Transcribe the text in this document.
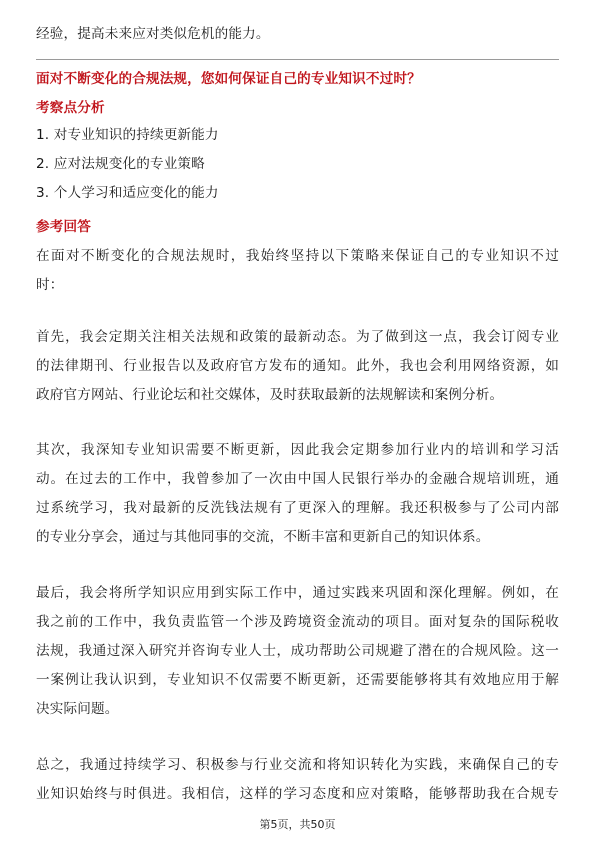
经验，提高未来应对类似危机的能力。
面对不断变化的合规法规，您如何保证自己的专业知识不过时？
考察点分析
1. 对专业知识的持续更新能力
2. 应对法规变化的专业策略
3. 个人学习和适应变化的能力
参考回答
在面对不断变化的合规法规时，我始终坚持以下策略来保证自己的专业知识不过
时：
首先，我会定期关注相关法规和政策的最新动态。为了做到这一点，我会订阅专业
的法律期刊、行业报告以及政府官方发布的通知。此外，我也会利用网络资源，如
政府官方网站、行业论坛和社交媒体，及时获取最新的法规解读和案例分析。
其次，我深知专业知识需要不断更新，因此我会定期参加行业内的培训和学习活
动。在过去的工作中，我曾参加了一次由中国人民银行举办的金融合规培训班，通
过系统学习，我对最新的反洗钱法规有了更深入的理解。我还积极参与了公司内部
的专业分享会，通过与其他同事的交流，不断丰富和更新自己的知识体系。
最后，我会将所学知识应用到实际工作中，通过实践来巩固和深化理解。例如，在
我之前的工作中，我负责监管一个涉及跨境资金流动的项目。面对复杂的国际税收
法规，我通过深入研究并咨询专业人士，成功帮助公司规避了潜在的合规风险。这一
一案例让我认识到，专业知识不仅需要不断更新，还需要能够将其有效地应用于解
决实际问题。
总之，我通过持续学习、积极参与行业交流和将知识转化为实践，来确保自己的专
业知识始终与时俱进。我相信，这样的学习态度和应对策略，能够帮助我在合规专
第5页，共50页
